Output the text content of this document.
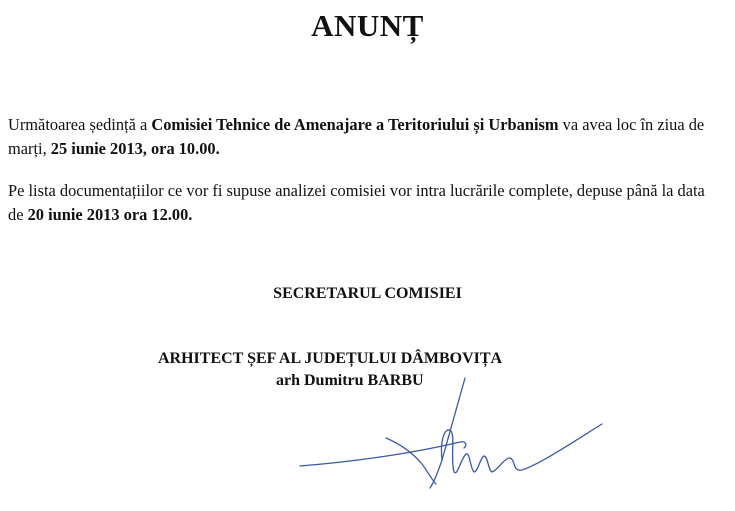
ANUNȚ
Următoarea ședință a Comisiei Tehnice de Amenajare a Teritoriului și Urbanism va avea loc în ziua de marți, 25 iunie 2013, ora 10.00.
Pe lista documentațiilor ce vor fi supuse analizei comisiei vor intra lucrările complete, depuse până la data de 20 iunie 2013 ora 12.00.
SECRETARUL COMISIEI
ARHITECT ȘEF AL JUDEȚULUI DÂMBOVIȚA
arh Dumitru BARBU
